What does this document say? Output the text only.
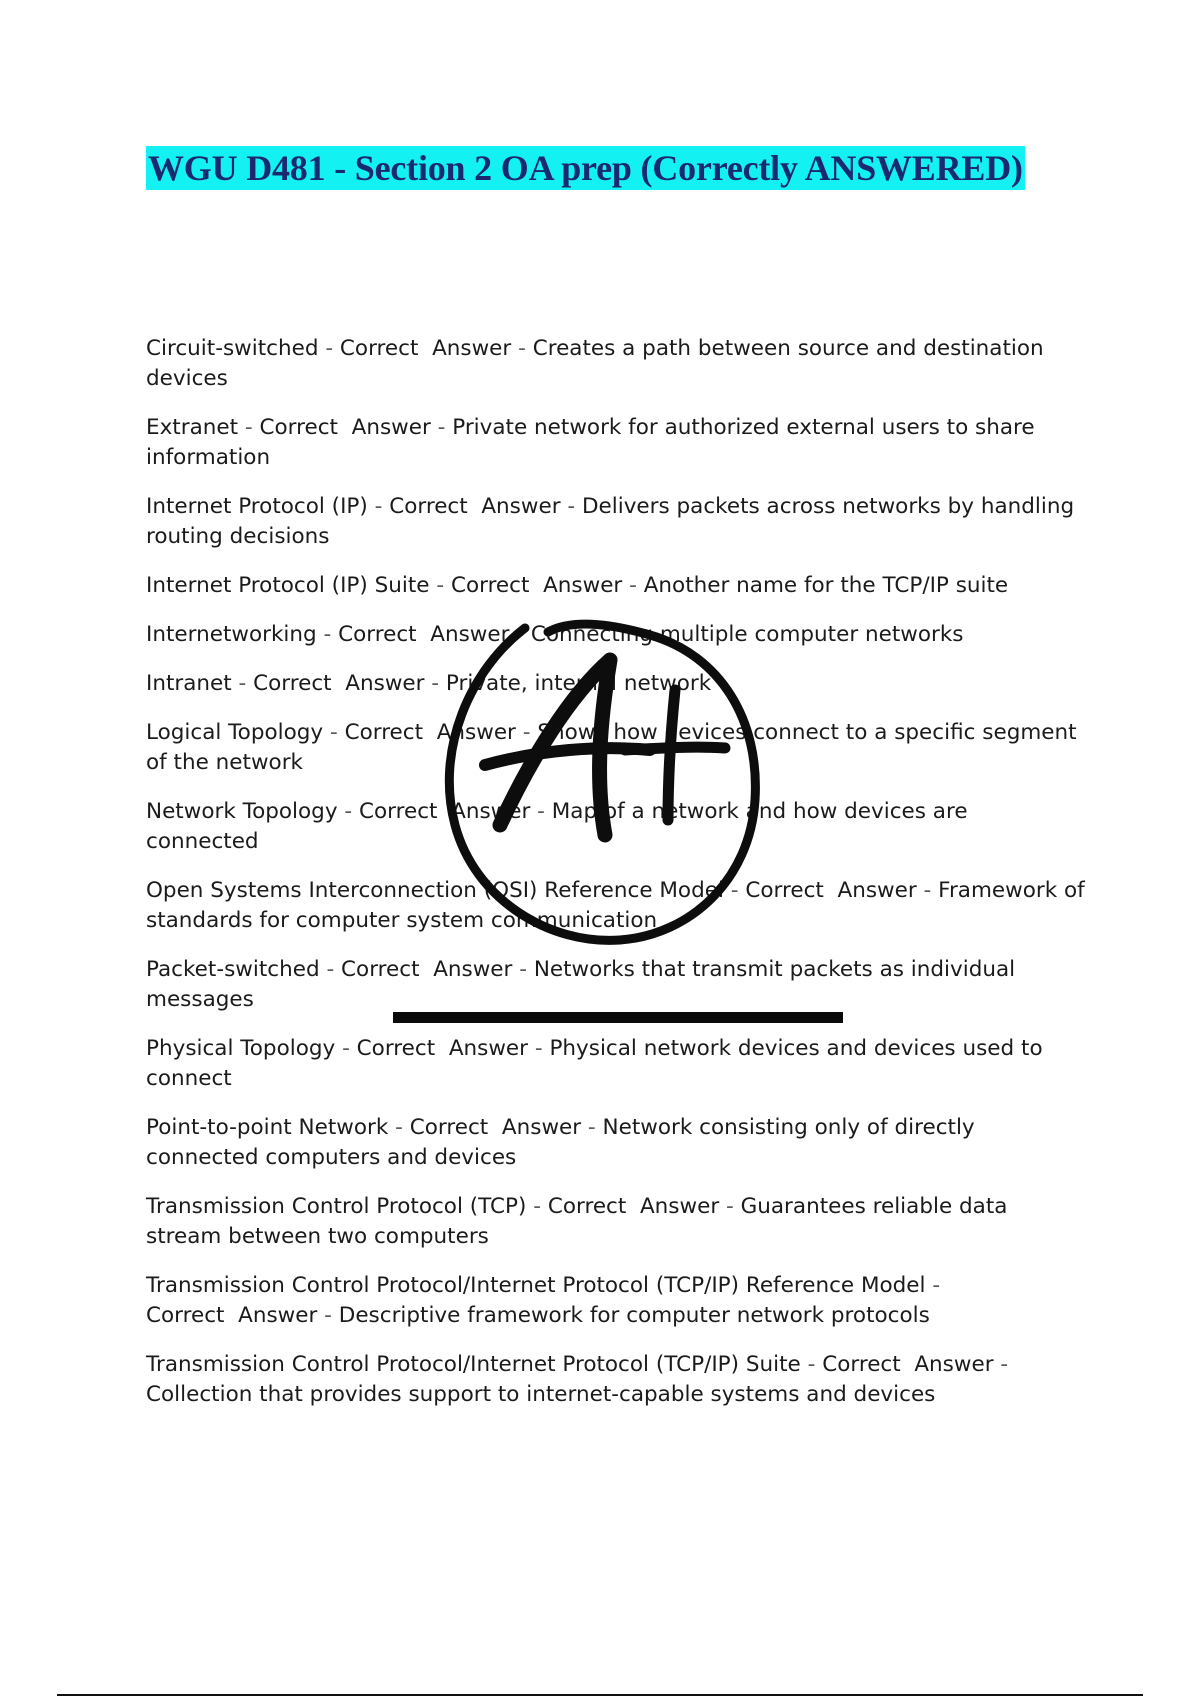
WGU D481 - Section 2 OA prep (Correctly ANSWERED)
Circuit-switched - Correct  Answer - Creates a path between source and destination devices
Extranet - Correct  Answer - Private network for authorized external users to share information
Internet Protocol (IP) - Correct  Answer - Delivers packets across networks by handling routing decisions
Internet Protocol (IP) Suite - Correct  Answer - Another name for the TCP/IP suite
Internetworking - Correct  Answer - Connecting multiple computer networks
Intranet - Correct  Answer - Private, internal network
Logical Topology - Correct  Answer - Shows how devices connect to a specific segment of the network
Network Topology - Correct  Answer - Map of a network and how devices are connected
Open Systems Interconnection (OSI) Reference Model - Correct  Answer - Framework of standards for computer system communication
Packet-switched - Correct  Answer - Networks that transmit packets as individual messages
Physical Topology - Correct  Answer - Physical network devices and devices used to connect
Point-to-point Network - Correct  Answer - Network consisting only of directly connected computers and devices
Transmission Control Protocol (TCP) - Correct  Answer - Guarantees reliable data stream between two computers
Transmission Control Protocol/Internet Protocol (TCP/IP) Reference Model - Correct  Answer - Descriptive framework for computer network protocols
Transmission Control Protocol/Internet Protocol (TCP/IP) Suite - Correct  Answer - Collection that provides support to internet-capable systems and devices
